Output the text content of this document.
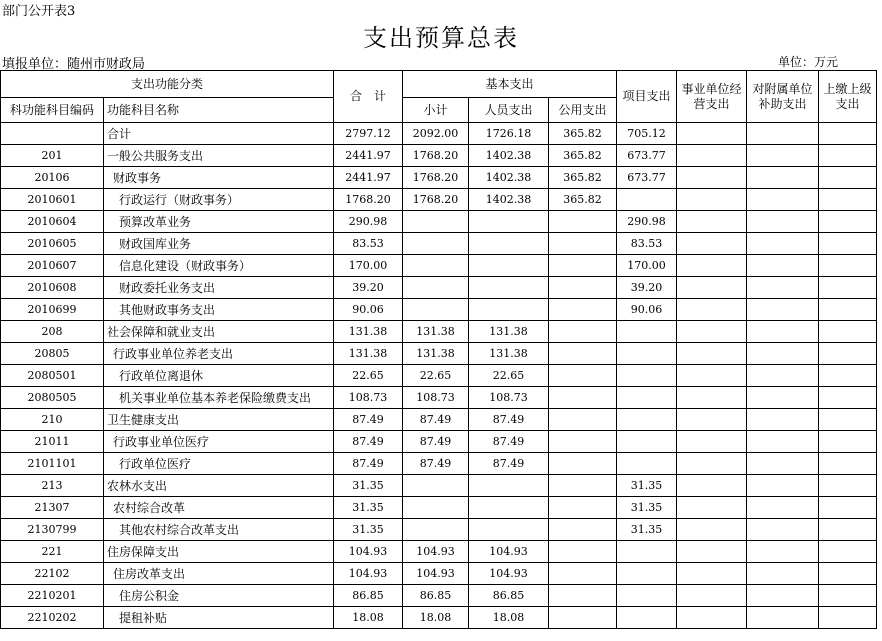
部门公开表3
支出预算总表
填报单位：随州市财政局	单位：万元
支出功能分类		合　计	基本支出			项目支出	事业单位经营支出	对附属单位补助支出	上缴上级支出
科功能科目编码	功能科目名称		小计	人员支出	公用支出				
	合计	2797.12	2092.00	1726.18	365.82	705.12			
201	一般公共服务支出	2441.97	1768.20	1402.38	365.82	673.77			
20106	财政事务	2441.97	1768.20	1402.38	365.82	673.77			
2010601	行政运行（财政事务）	1768.20	1768.20	1402.38	365.82				
2010604	预算改革业务	290.98				290.98			
2010605	财政国库业务	83.53				83.53			
2010607	信息化建设（财政事务）	170.00				170.00			
2010608	财政委托业务支出	39.20				39.20			
2010699	其他财政事务支出	90.06				90.06			
208	社会保障和就业支出	131.38	131.38	131.38					
20805	行政事业单位养老支出	131.38	131.38	131.38					
2080501	行政单位离退休	22.65	22.65	22.65					
2080505	机关事业单位基本养老保险缴费支出	108.73	108.73	108.73					
210	卫生健康支出	87.49	87.49	87.49					
21011	行政事业单位医疗	87.49	87.49	87.49					
2101101	行政单位医疗	87.49	87.49	87.49					
213	农林水支出	31.35				31.35			
21307	农村综合改革	31.35				31.35			
2130799	其他农村综合改革支出	31.35				31.35			
221	住房保障支出	104.93	104.93	104.93					
22102	住房改革支出	104.93	104.93	104.93					
2210201	住房公积金	86.85	86.85	86.85					
2210202	提租补贴	18.08	18.08	18.08					
